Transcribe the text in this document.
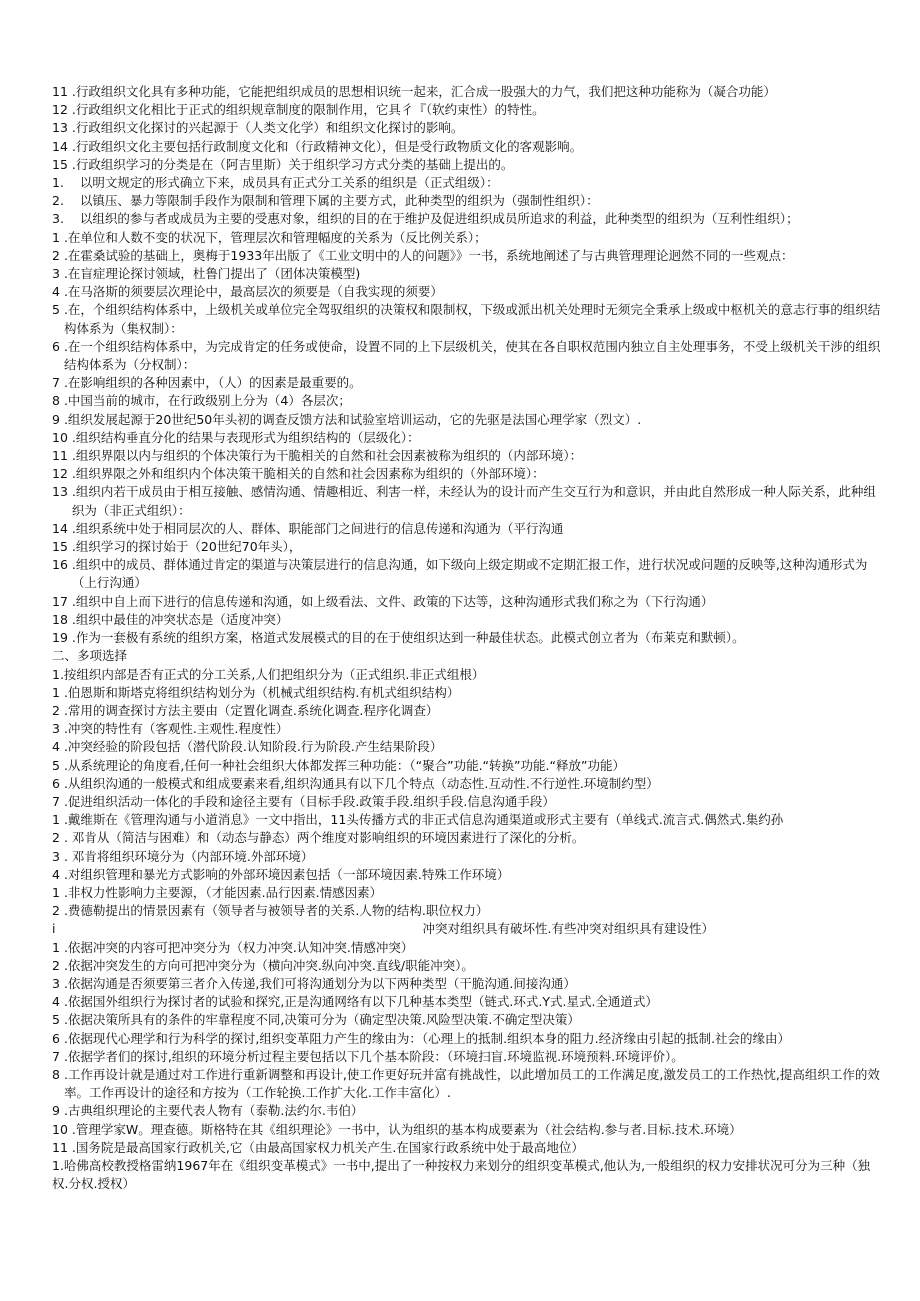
11 .行政组织文化具有多种功能，它能把组织成员的思想相识统一起来，汇合成一股强大的力气，我们把这种功能称为（凝合功能）
12 .行政组织文化相比于正式的组织规章制度的限制作用，它具彳『（软约束性）的特性。
13 .行政组织文化探讨的兴起源于（人类文化学）和组织文化探讨的影响。
14 .行政组织文化主要包括行政制度文化和（行政精神文化），但是受行政物质文化的客观影响。
15 .行政组织学习的分类是在（阿吉里斯）关于组织学习方式分类的基础上提出的。
1. 以明文规定的形式确立下来，成员具有正式分工关系的组织是（正式组级）：
2. 以镇压、暴力等限制手段作为限制和管理下属的主要方式，此种类型的组织为（强制性组织）：
3. 以组织的参与者或成员为主要的受惠对象，组织的目的在于维护及促进组织成员所追求的利益，此种类型的组织为（互利性组织）；
1 .在单位和人数不变的状况下，管理层次和管理幅度的关系为（反比例关系）；
2 .在霍桑试验的基础上，奥梅于1933年出版了《工业文明中的人的问题》》一书，系统地阐述了与古典管理理论迥然不同的一些观点：
3 .在盲症理论探讨领域，杜鲁门提出了（团体决策模型)
4 .在马洛斯的须要层次理论中，最高层次的须要是（自我实现的须要）
5 .在，个组织结构体系中，上级机关或单位完全驾驭组织的决策权和限制权，下级或派出机关处理时无须完全秉承上级或中枢机关的意志行事的组织结构体系为（集权制）：
6 .在一个组织结构体系中，为完成肯定的任务或使命，设置不同的上下层级机关，使其在各自职权范围内独立自主处理事务，不受上级机关干涉的组织结构体系为（分权制）：
7 .在影响组织的各种因素中，（人）的因素是最重要的。
8 .中国当前的城市，在行政级别上分为（4）各层次；
9 .组织发展起源于20世纪50年头初的调查反馈方法和试验室培训运动，它的先驱是法国心理学家（烈文）.
10 .组织结构垂直分化的结果与表现形式为组织结构的（层级化）：
11 .组织界限以内与组织的个体决策行为干脆相关的自然和社会因素被称为组织的（内部环境）：
12 .组织界限之外和组织内个体决策干脆相关的自然和社会因素称为组织的（外部环境）：
13 .组织内若干成员由于相互接触、感情沟通、情趣相近、利害一样，未经认为的设计而产生交互行为和意识，并由此自然形成一种人际关系，此种组织为（非正式组织）：
14 .组织系统中处于相同层次的人、群体、职能部门之间进行的信息传递和沟通为（平行沟通
15 .组织学习的探讨始于（20世纪70年头），
16 .组织中的成员、群体通过肯定的渠道与决策层进行的信息沟通，如下级向上级定期或不定期汇报工作，进行状况或问题的反映等,这种沟通形式为（上行沟通）
17 .组织中自上而下进行的信息传递和沟通，如上级看法、文件、政策的下达等，这种沟通形式我们称之为（下行沟通）
18 .组织中最佳的冲突状态是（适度冲突）
19 .作为一套极有系统的组织方案，格道式发展模式的目的在于使组织达到一种最佳状态。此模式创立者为（布莱克和默顿）。
二、多项选择
1.按组织内部是否有正式的分工关系,人们把组织分为（正式组织.非正式组根）
1 .伯恩斯和斯塔克将组织结构划分为（机械式组织结构.有机式组织结构）
2 .常用的调查探讨方法主要由（定置化调查.系统化调查.程序化调查）
3 .冲突的特性有（客观性.主观性.程度性）
4 .冲突经验的阶段包括（潜代阶段.认知阶段.行为阶段.产生结果阶段）
5 .从系统理论的角度看,任何一种社会组织大体都发挥三种功能：（“聚合”功能.“转换”功能.“释放”功能）
6 .从组织沟通的一般模式和组成要素来看,组织沟通具有以下几个特点（动态性.互动性.不行逆性.环境制约型）
7 .促进组织活动一体化的手段和途径主要有（目标手段.政策手段.组织手段.信息沟通手段）
1 .戴维斯在《管理沟通与小道消息》一文中指出，11头传播方式的非正式信息沟通渠道或形式主要有（单线式.流言式.偶然式.集约孙
2 . 邓肯从（简洁与困难）和（动态与静态）两个维度对影响组织的环境因素进行了深化的分析。
3 . 邓肯将组织环境分为（内部环境.外部环境）
4 .对组织管理和暴光方式影响的外部环境因素包括（一部环境因素.特殊工作环境）
1 .非权力性影响力主要源，（才能因素.品行因素.情感因素）
2 .费德勒提出的情景因素有（领导者与被领导者的关系.人物的结构.职位权力）
i	冲突对组织具有破坏性.有些冲突对组织具有建设性）
1 .依据冲突的内容可把冲突分为（权力冲突.认知冲突.情感冲突）
2 .依据冲突发生的方向可把冲突分为（横向冲突.纵向冲突.直线/职能冲突）。
3 .依据沟通是否须要第三者介入传递,我们可将沟通划分为以下两种类型（干脆沟通.间接沟通）
4 .依据国外组织行为探讨者的试验和探究,正是沟通网络有以下几种基本类型（链式.环式.Y式.星式.全通道式）
5 .依据决策所具有的条件的牢靠程度不同,决策可分为（确定型决策.风险型决策.不确定型决策）
6 .依据现代心理学和行为科学的探讨,组织变革阻力产生的缘由为：（心理上的抵制.组织本身的阻力.经济缘由引起的抵制.社会的缘由）
7 .依据学者们的探讨,组织的环境分析过程主要包括以下几个基本阶段：（环境扫盲.环境监视.环境预料.环境评价）。
8 .工作再设计就是通过对工作进行重新调整和再设计,使工作更好玩并富有挑战性，以此增加员工的工作满足度,激发员工的工作热忱,提高组织工作的效率。工作再设计的途径和方按为（工作轮换.工作扩大化.工作丰富化）.
9 .古典组织理论的主要代表人物有（泰勒.法约尔.韦伯）
10 .管理学家W。理查德。斯格特在其《组织理论》一书中，认为组织的基本构成要素为（社会结构.参与者.目标.技术.环境）
11 .国务院是最高国家行政机关,它（由最高国家权力机关产生.在国家行政系统中处于最高地位）
1.哈佛高校教授格雷纳1967年在《组织变革模式》一书中,提出了一种按权力来划分的组织变革模式,他认为,一般组织的权力安排状况可分为三种（独权.分权.授权）
